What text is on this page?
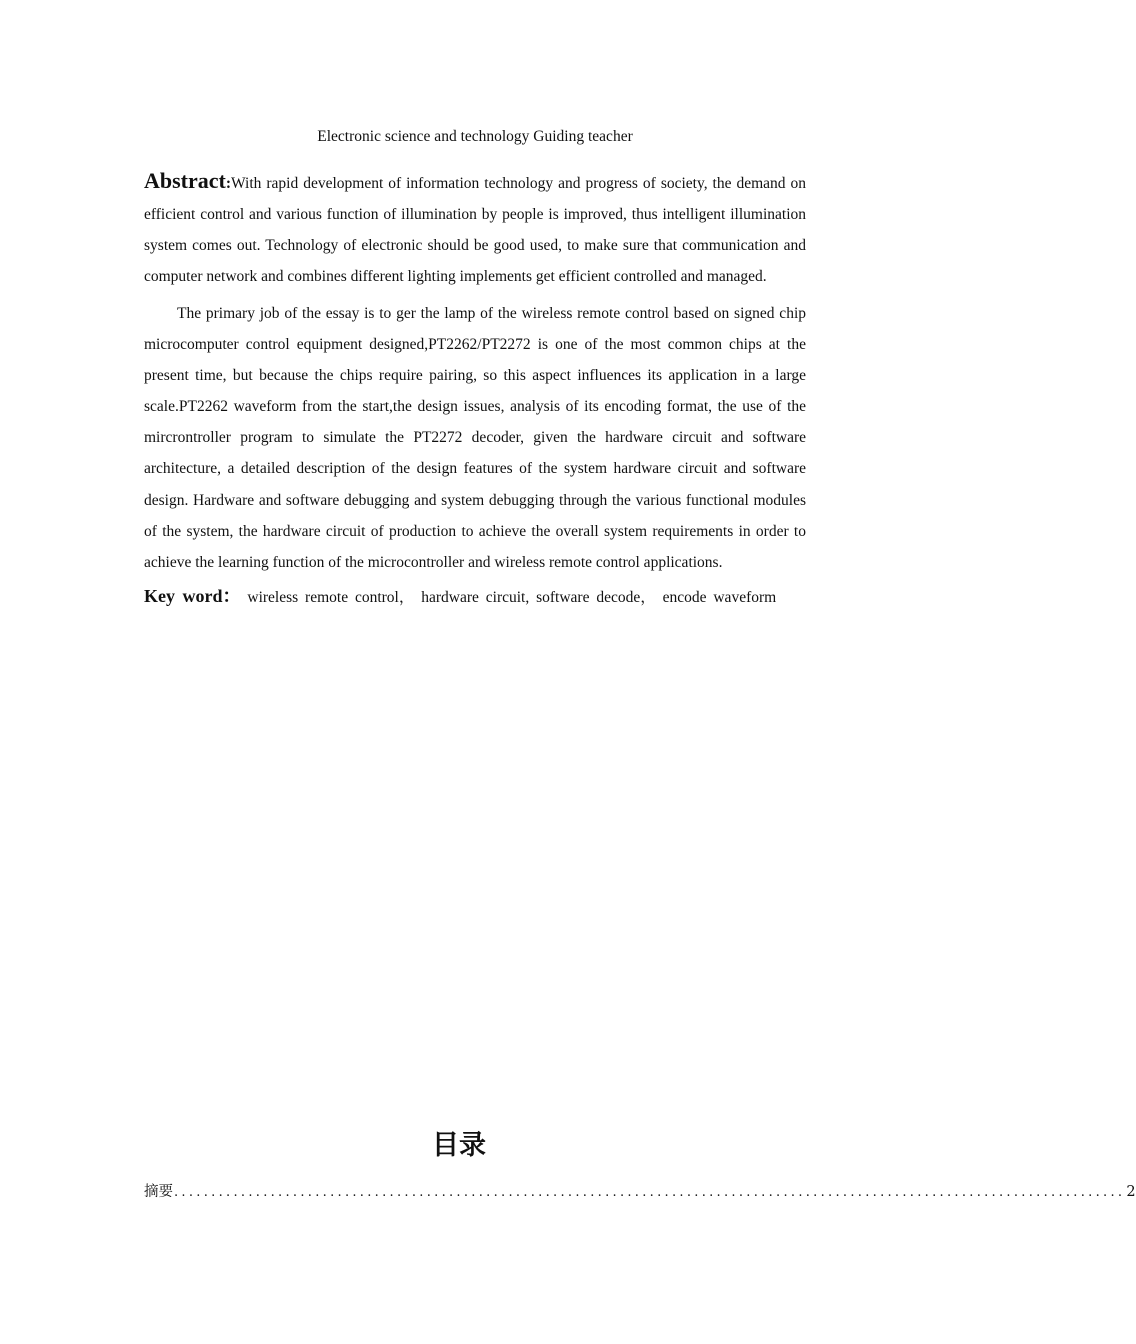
Electronic science and technology Guiding teacher

Abstract:With rapid development of information technology and progress of society, the demand on efficient control and various function of illumination by people is improved, thus intelligent illumination system comes out. Technology of electronic should be good used, to make sure that communication and computer network and combines different lighting implements get efficient controlled and managed.

The primary job of the essay is to ger the lamp of the wireless remote control based on signed chip microcomputer control equipment designed,PT2262/PT2272 is one of the most common chips at the present time, but because the chips require pairing, so this aspect influences its application in a large scale.PT2262 waveform from the start,the design issues, analysis of its encoding format, the use of the mircrontroller program to simulate the PT2272 decoder, given the hardware circuit and software architecture, a detailed description of the design features of the system hardware circuit and software design. Hardware and software debugging and system debugging through the various functional modules of the system, the hardware circuit of production to achieve the overall system requirements in order to achieve the learning function of the microcontroller and wireless remote control applications.

Key word： wireless remote control， hardware circuit, software decode， encode waveform

目录
摘要 ................................................................................................................................ 2
